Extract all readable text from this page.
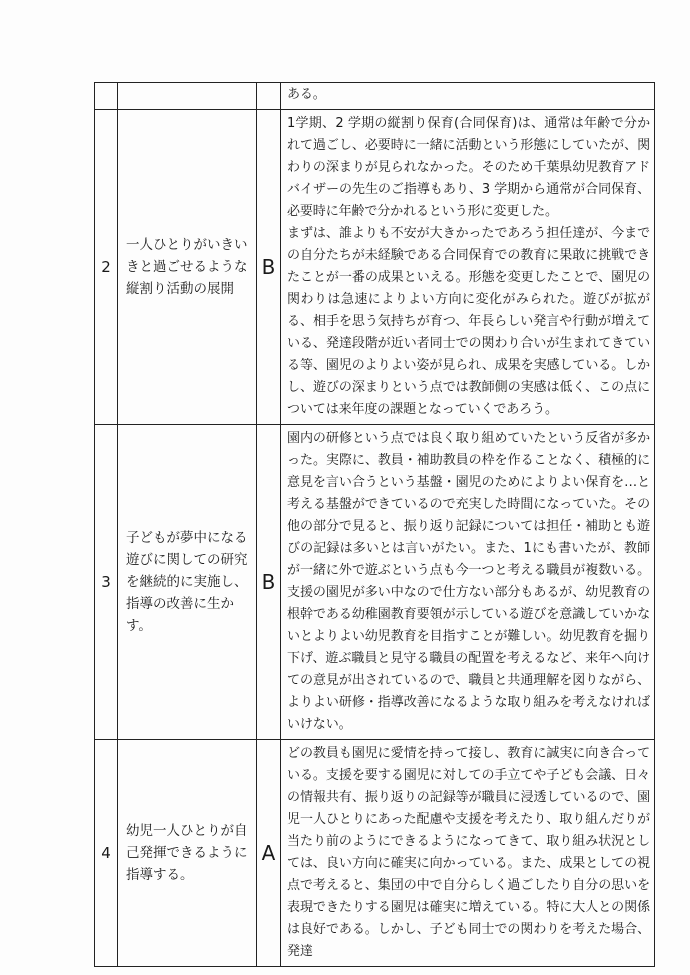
			ある。

2	一人ひとりがいきいきと過ごせるような縦割り活動の展開	B	1学期、2 学期の縦割り保育(合同保育)は、通常は年齢で分かれて過ごし、必要時に一緒に活動という形態にしていたが、関わりの深まりが見られなかった。そのため千葉県幼児教育アドバイザーの先生のご指導もあり、3 学期から通常が合同保育、必要時に年齢で分かれるという形に変更した。

まずは、誰よりも不安が大きかったであろう担任達が、今までの自分たちが未経験である合同保育での教育に果敢に挑戦できたことが一番の成果といえる。形態を変更したことで、園児の関わりは急速によりよい方向に変化がみられた。遊びが拡がる、相手を思う気持ちが育つ、年長らしい発言や行動が増えている、発達段階が近い者同士での関わり合いが生まれてきている等、園児のよりよい姿が見られ、成果を実感している。しかし、遊びの深まりという点では教師側の実感は低く、この点については来年度の課題となっていくであろう。

3	子どもが夢中になる遊びに関しての研究を継続的に実施し、指導の改善に生かす。	B	園内の研修という点では良く取り組めていたという反省が多かった。実際に、教員・補助教員の枠を作ることなく、積極的に意見を言い合うという基盤・園児のためによりよい保育を…と考える基盤ができているので充実した時間になっていた。その他の部分で見ると、振り返り記録については担任・補助とも遊びの記録は多いとは言いがたい。また、1にも書いたが、教師が一緒に外で遊ぶという点も今一つと考える職員が複数いる。支援の園児が多い中なので仕方ない部分もあるが、幼児教育の根幹である幼稚園教育要領が示している遊びを意識していかないとよりよい幼児教育を目指すことが難しい。幼児教育を掘り下げ、遊ぶ職員と見守る職員の配置を考えるなど、来年へ向けての意見が出されているので、職員と共通理解を図りながら、よりよい研修・指導改善になるような取り組みを考えなければいけない。

4	幼児一人ひとりが自己発揮できるように指導する。	A	どの教員も園児に愛情を持って接し、教育に誠実に向き合っている。支援を要する園児に対しての手立てや子ども会議、日々の情報共有、振り返りの記録等が職員に浸透しているので、園児一人ひとりにあった配慮や支援を考えたり、取り組んだりが当たり前のようにできるようになってきて、取り組み状況としては、良い方向に確実に向かっている。また、成果としての視点で考えると、集団の中で自分らしく過ごしたり自分の思いを表現できたりする園児は確実に増えている。特に大人との関係は良好である。しかし、子ども同士での関わりを考えた場合、発達
